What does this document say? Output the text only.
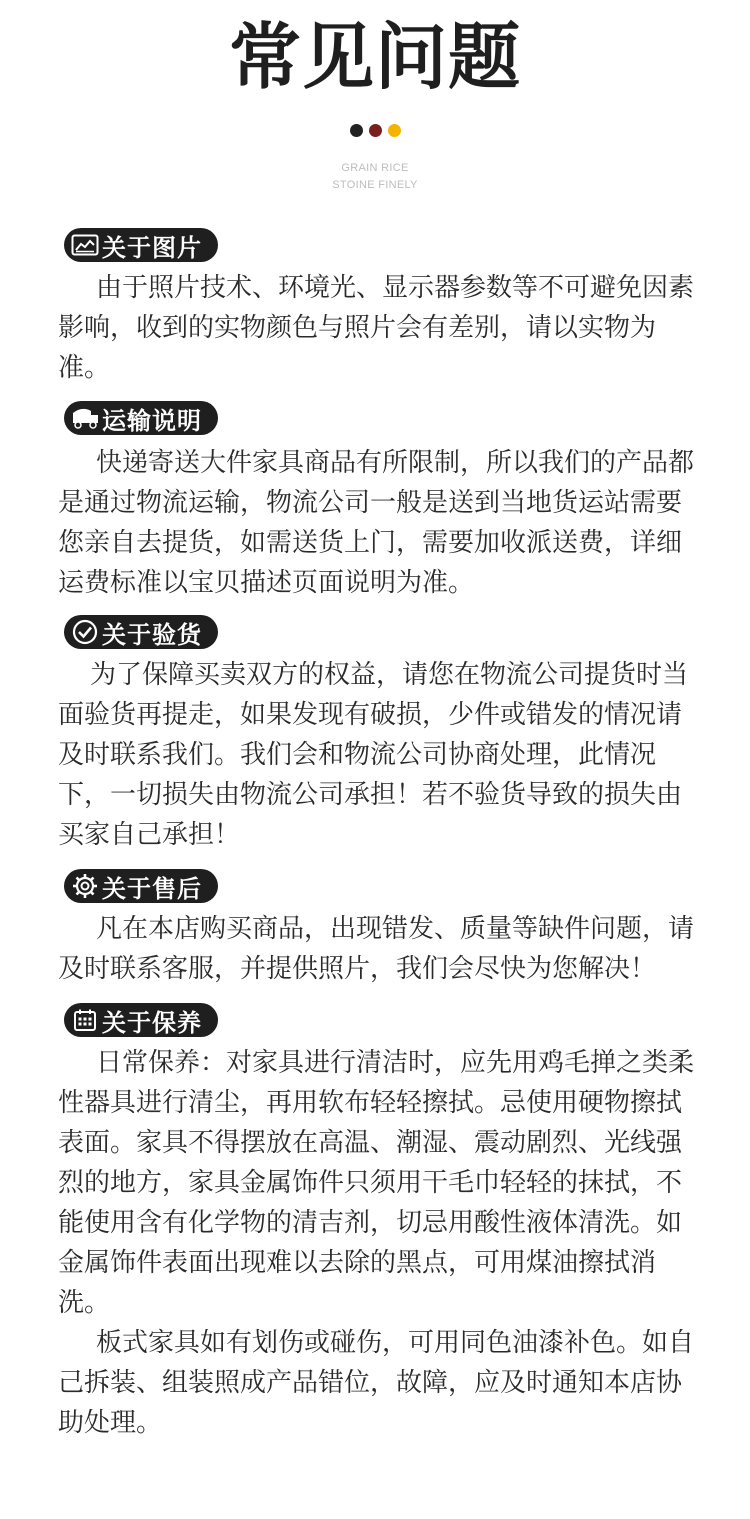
常见问题
GRAIN RICE
STOINE FINELY
关于图片

由于照片技术、环境光、显示器参数等不可避免因素影响，收到的实物颜色与照片会有差别，请以实物为准。

运输说明

快递寄送大件家具商品有所限制，所以我们的产品都是通过物流运输，物流公司一般是送到当地货运站需要您亲自去提货，如需送货上门，需要加收派送费，详细运费标准以宝贝描述页面说明为准。

关于验货

为了保障买卖双方的权益，请您在物流公司提货时当面验货再提走，如果发现有破损，少件或错发的情况请及时联系我们。我们会和物流公司协商处理，此情况下，一切损失由物流公司承担！若不验货导致的损失由买家自己承担！

关于售后

凡在本店购买商品，出现错发、质量等缺件问题，请及时联系客服，并提供照片，我们会尽快为您解决！

关于保养

日常保养：对家具进行清洁时，应先用鸡毛掸之类柔性器具进行清尘，再用软布轻轻擦拭。忌使用硬物擦拭表面。家具不得摆放在高温、潮湿、震动剧烈、光线强烈的地方，家具金属饰件只须用干毛巾轻轻的抹拭，不能使用含有化学物的清吉剂，切忌用酸性液体清洗。如金属饰件表面出现难以去除的黑点，可用煤油擦拭消洗。

板式家具如有划伤或碰伤，可用同色油漆补色。如自己拆装、组装照成产品错位，故障，应及时通知本店协助处理。
